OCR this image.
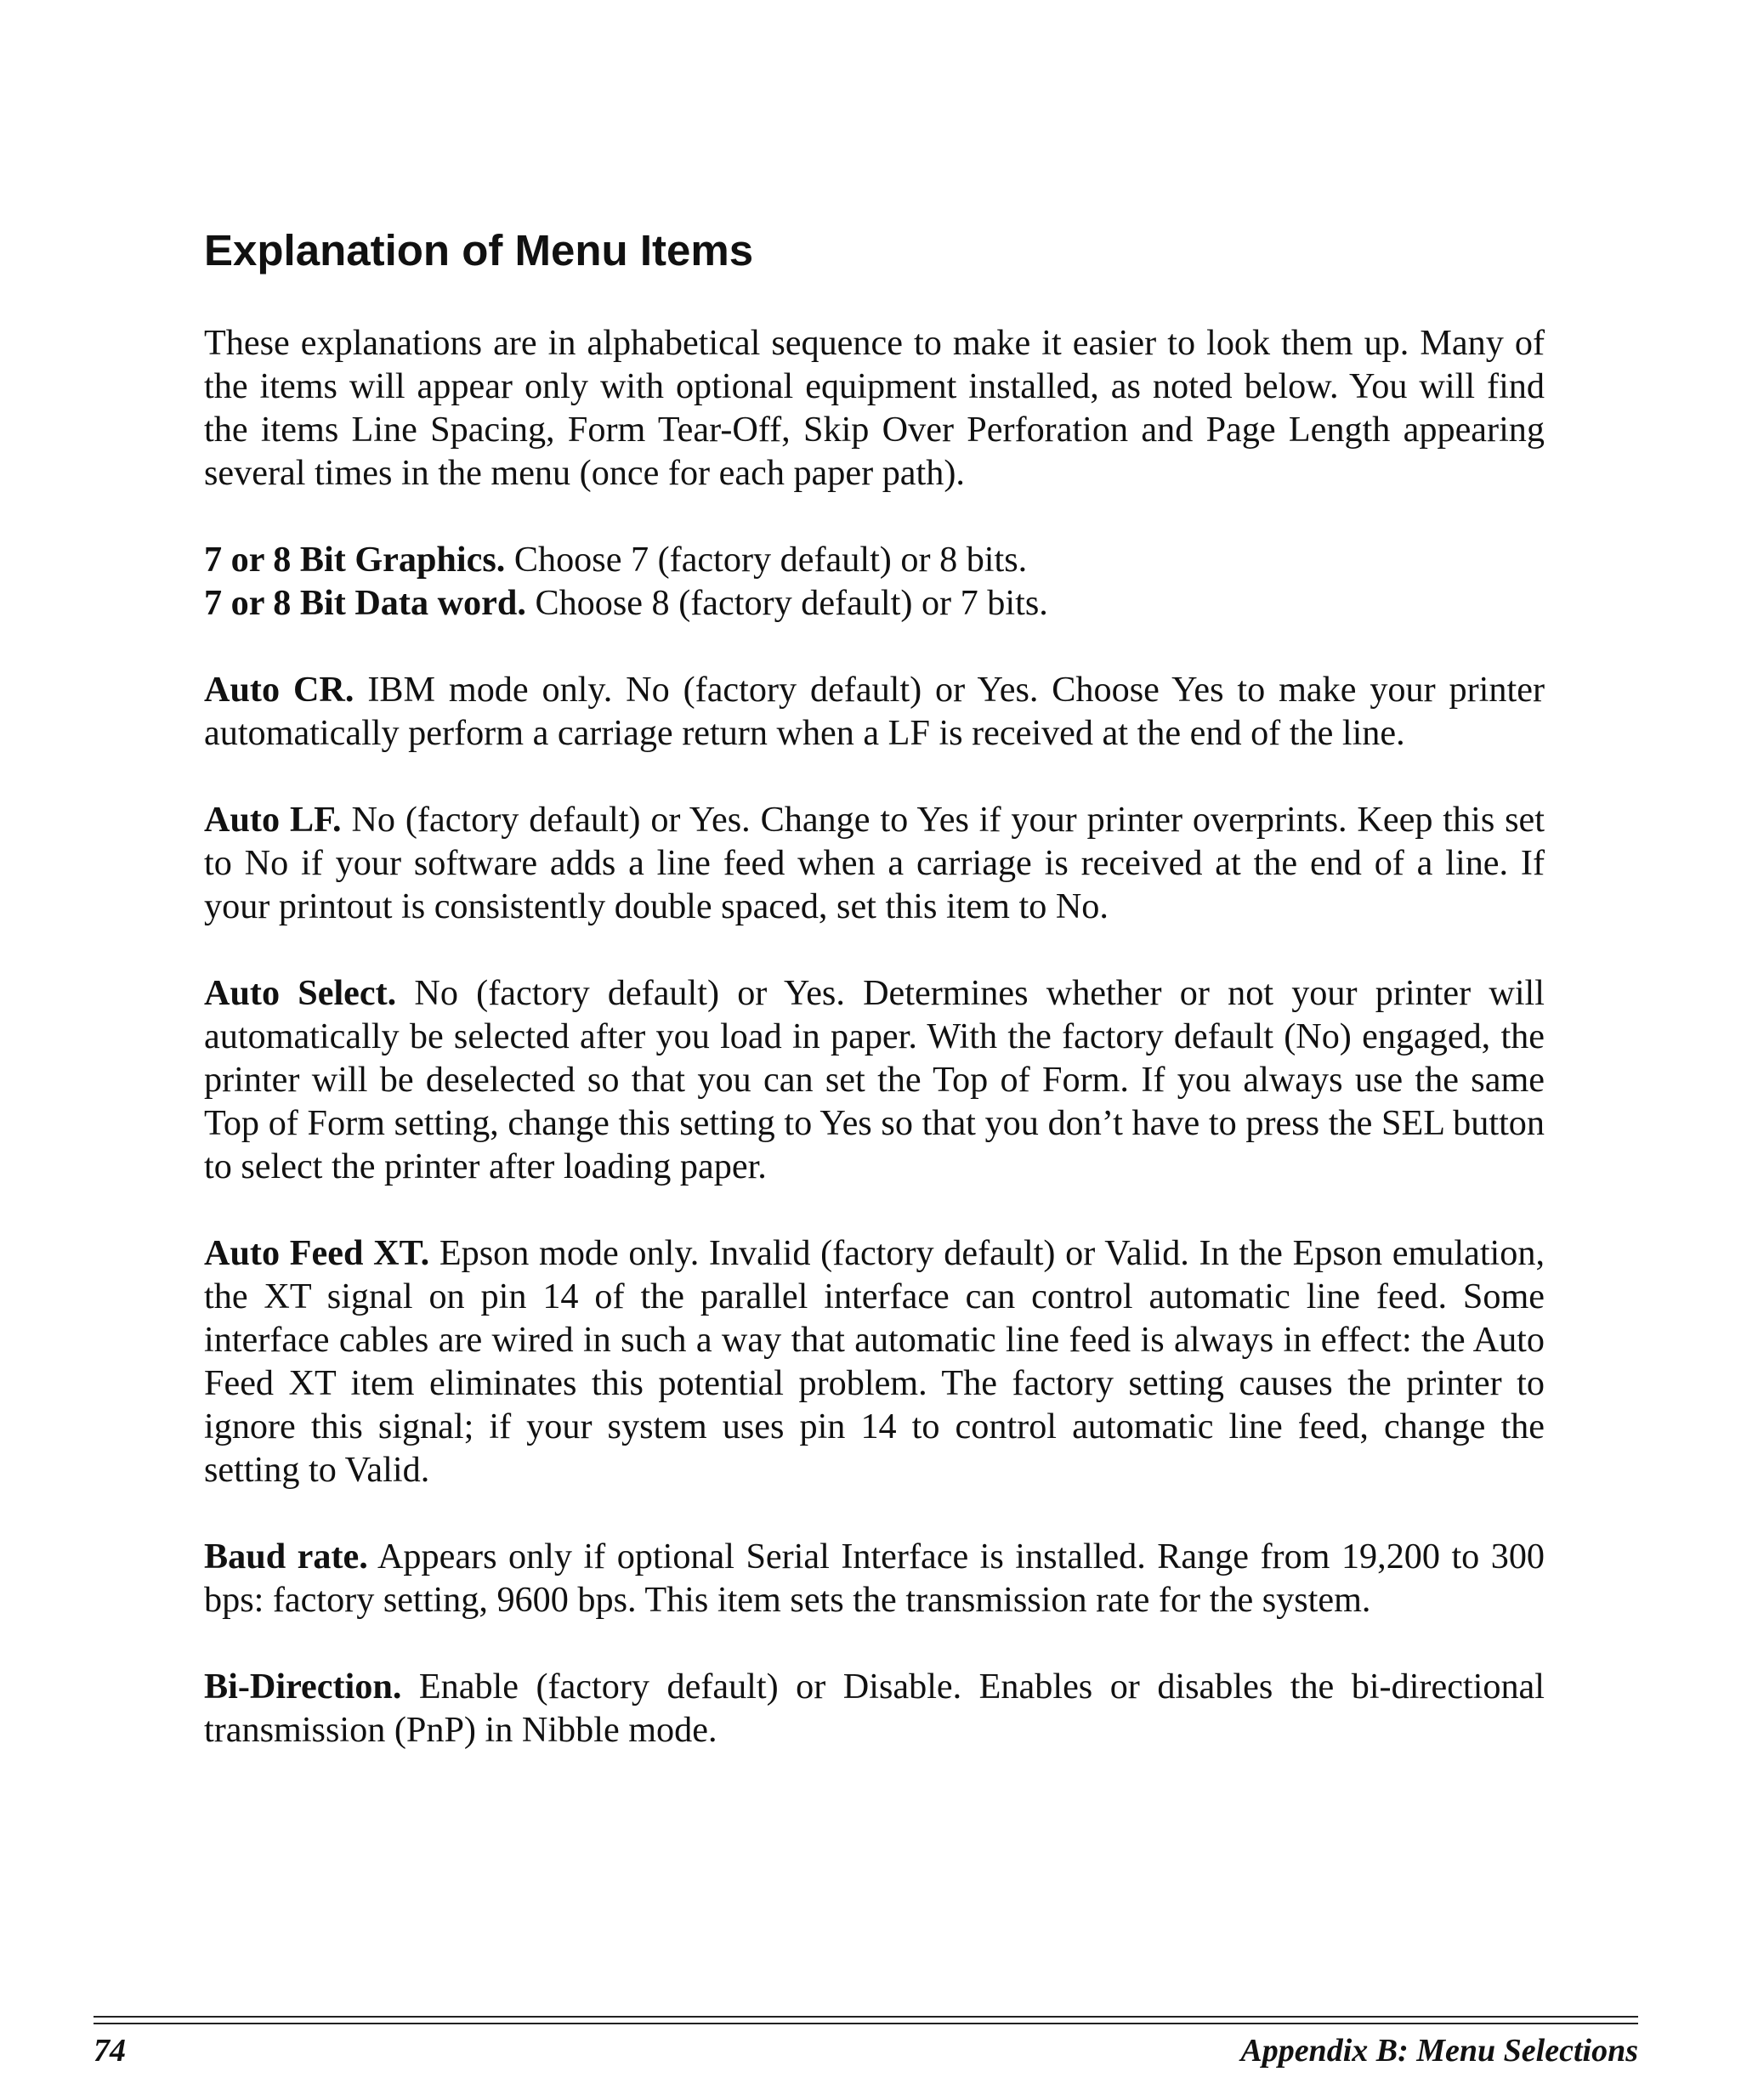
Explanation of Menu Items

These explanations are in alphabetical sequence to make it easier to look them up. Many of the items will appear only with optional equipment installed, as noted below. You will find the items Line Spacing, Form Tear-Off, Skip Over Perforation and Page Length appearing several times in the menu (once for each paper path).

7 or 8 Bit Graphics. Choose 7 (factory default) or 8 bits.

7 or 8 Bit Data word. Choose 8 (factory default) or 7 bits.

Auto CR. IBM mode only. No (factory default) or Yes. Choose Yes to make your printer automatically perform a carriage return when a LF is received at the end of the line.

Auto LF. No (factory default) or Yes. Change to Yes if your printer overprints. Keep this set to No if your software adds a line feed when a carriage is received at the end of a line. If your printout is consistently double spaced, set this item to No.

Auto Select. No (factory default) or Yes. Determines whether or not your printer will automatically be selected after you load in paper. With the factory default (No) engaged, the printer will be deselected so that you can set the Top of Form. If you always use the same Top of Form setting, change this setting to Yes so that you don’t have to press the SEL button to select the printer after loading paper.

Auto Feed XT. Epson mode only. Invalid (factory default) or Valid. In the Epson emulation, the XT signal on pin 14 of the parallel interface can control automatic line feed. Some interface cables are wired in such a way that automatic line feed is always in effect: the Auto Feed XT item eliminates this potential problem. The factory setting causes the printer to ignore this signal; if your system uses pin 14 to control automatic line feed, change the setting to Valid.

Baud rate. Appears only if optional Serial Interface is installed. Range from 19,200 to 300 bps: factory setting, 9600 bps. This item sets the transmission rate for the system.

Bi-Direction. Enable (factory default) or Disable. Enables or disables the bi-directional transmission (PnP) in Nibble mode.

74	Appendix B: Menu Selections
